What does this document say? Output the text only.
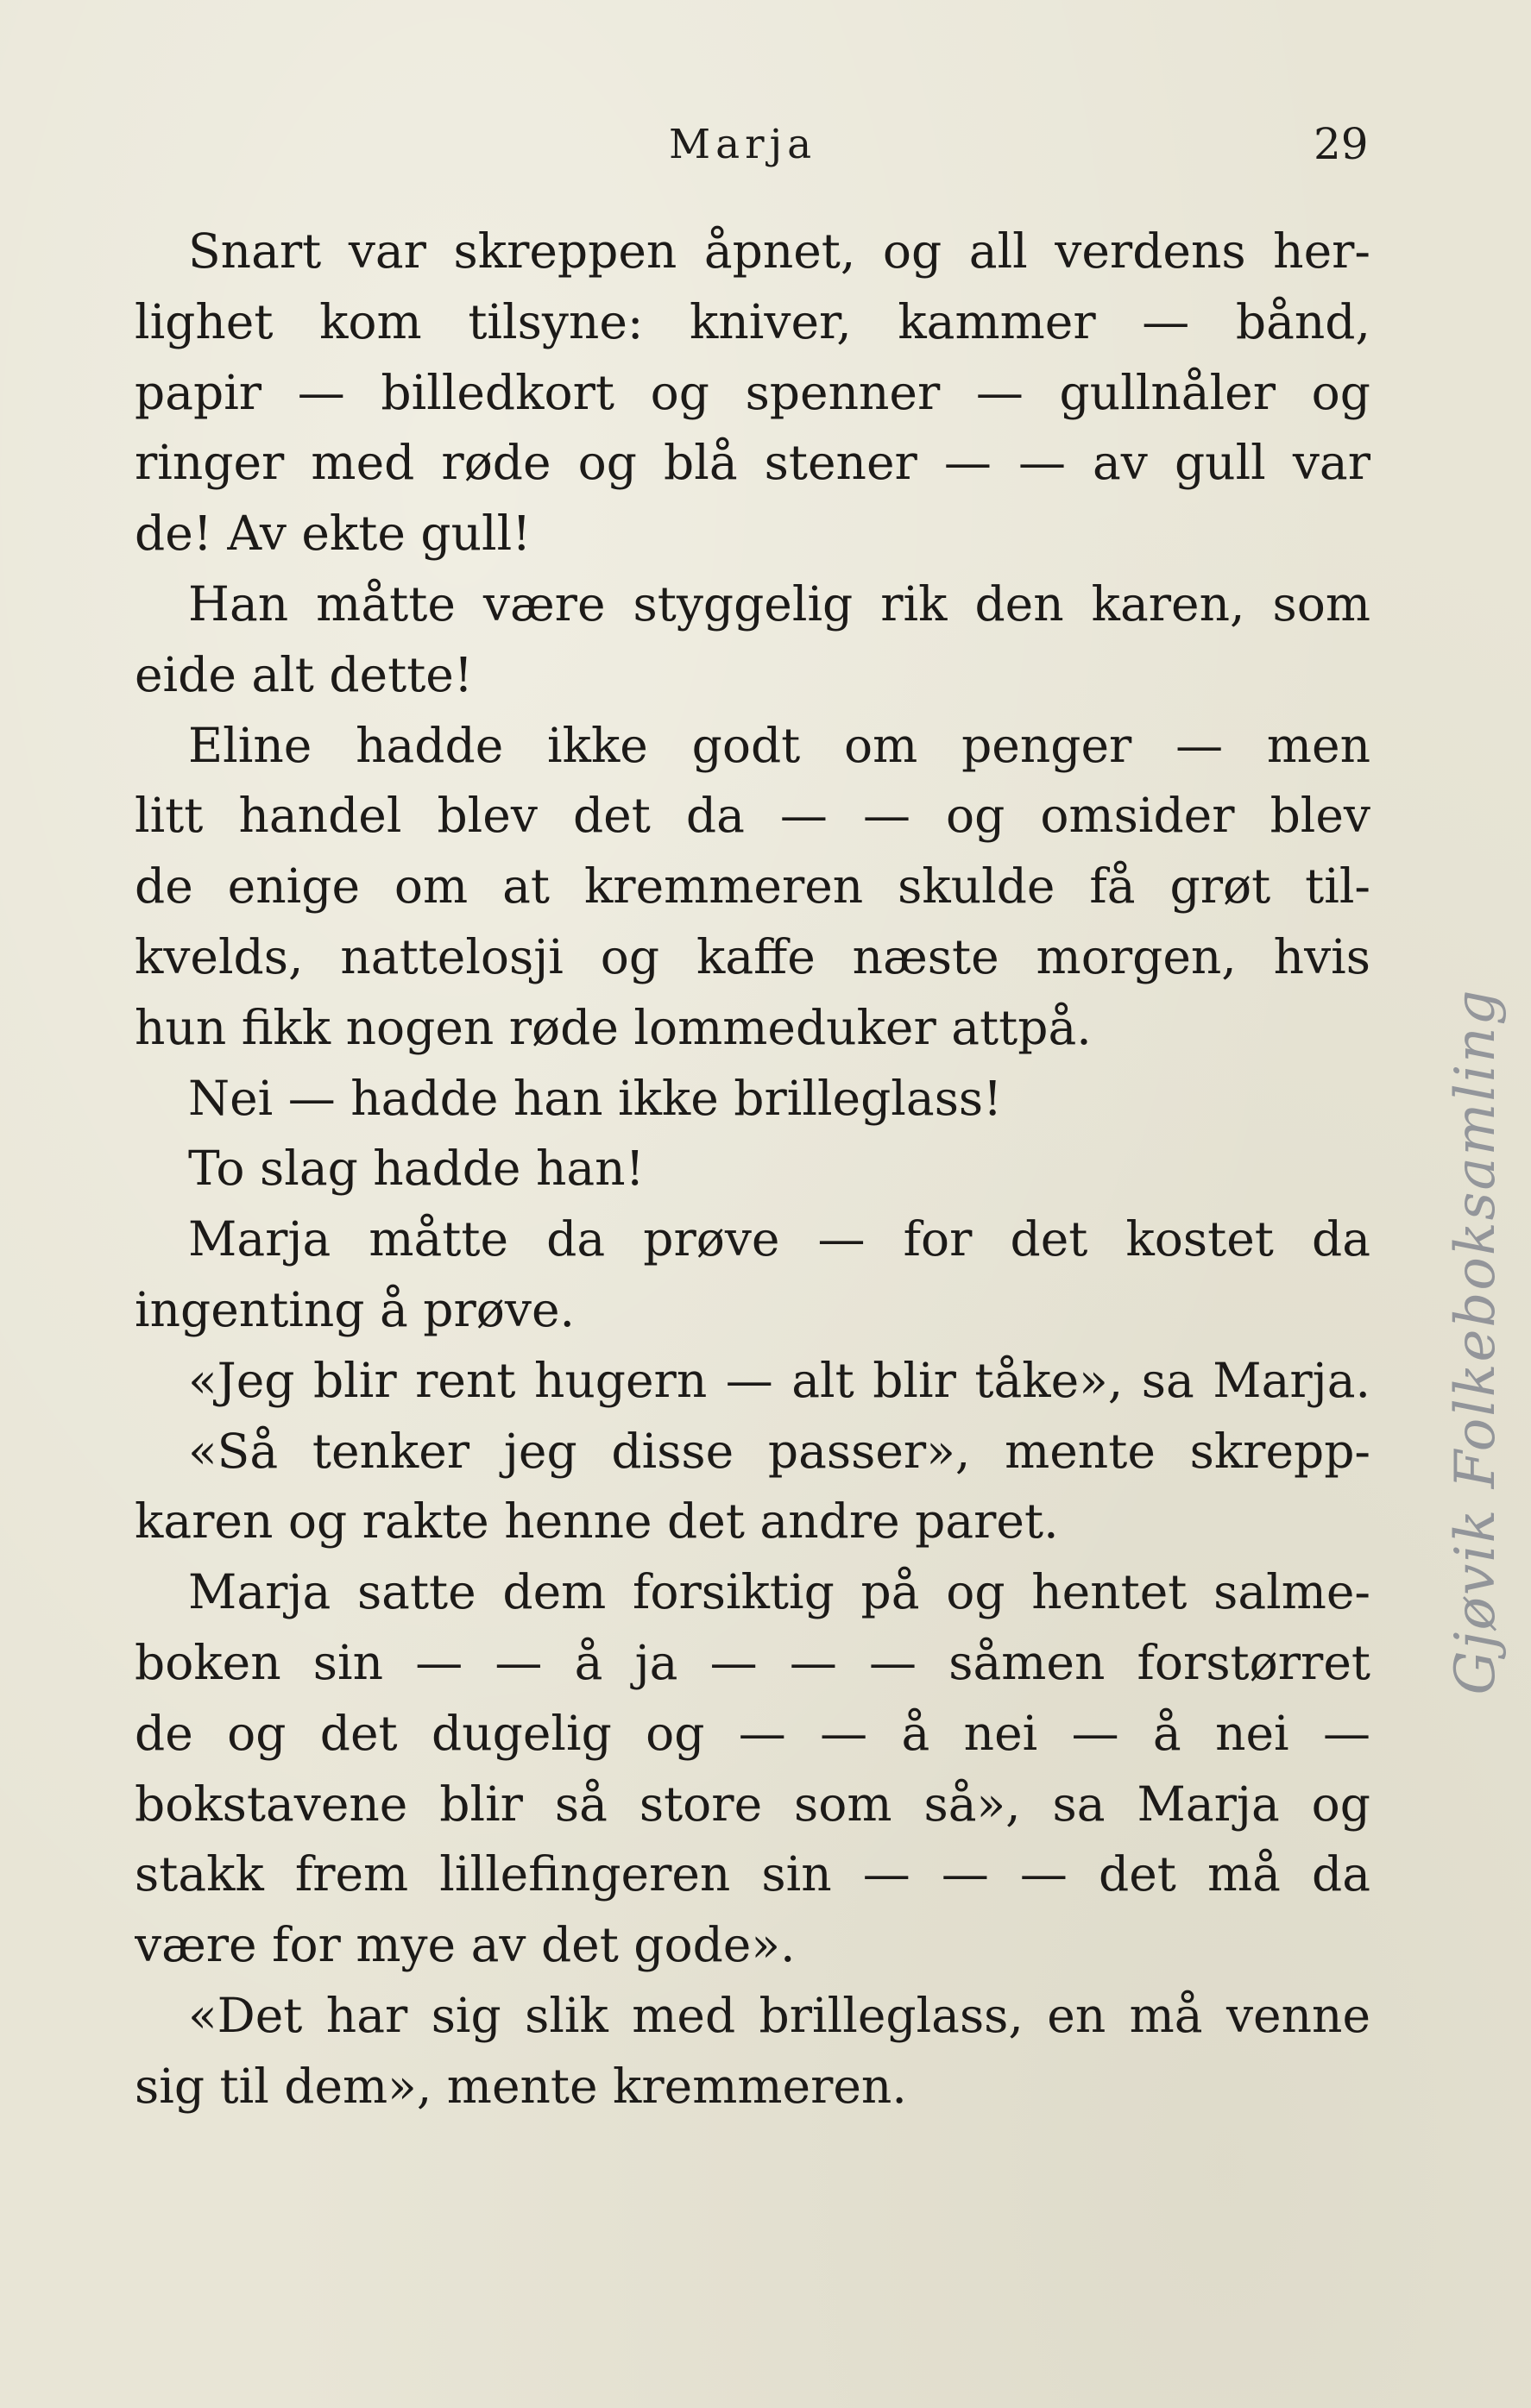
Marja	29
Snart var skreppen åpnet, og all verdens her-
lighet kom tilsyne: kniver, kammer — bånd,
papir — billedkort og spenner — gullnåler og
ringer med røde og blå stener — — av gull var
de! Av ekte gull!
Han måtte være styggelig rik den karen, som
eide alt dette!
Eline hadde ikke godt om penger — men
litt handel blev det da — — og omsider blev
de enige om at kremmeren skulde få grøt til-
kvelds, nattelosji og kaffe næste morgen, hvis
hun fikk nogen røde lommeduker attpå.
Nei — hadde han ikke brilleglass!
To slag hadde han!
Marja måtte da prøve — for det kostet da
ingenting å prøve.
«Jeg blir rent hugern — alt blir tåke», sa Marja.
«Så tenker jeg disse passer», mente skrepp-
karen og rakte henne det andre paret.
Marja satte dem forsiktig på og hentet salme-
boken sin — — å ja — — — såmen forstørret
de og det dugelig og — — å nei — å nei —
bokstavene blir så store som så», sa Marja og
stakk frem lillefingeren sin — — — det må da
være for mye av det gode».
«Det har sig slik med brilleglass, en må venne
sig til dem», mente kremmeren.
Gjøvik Folkeboksamling
